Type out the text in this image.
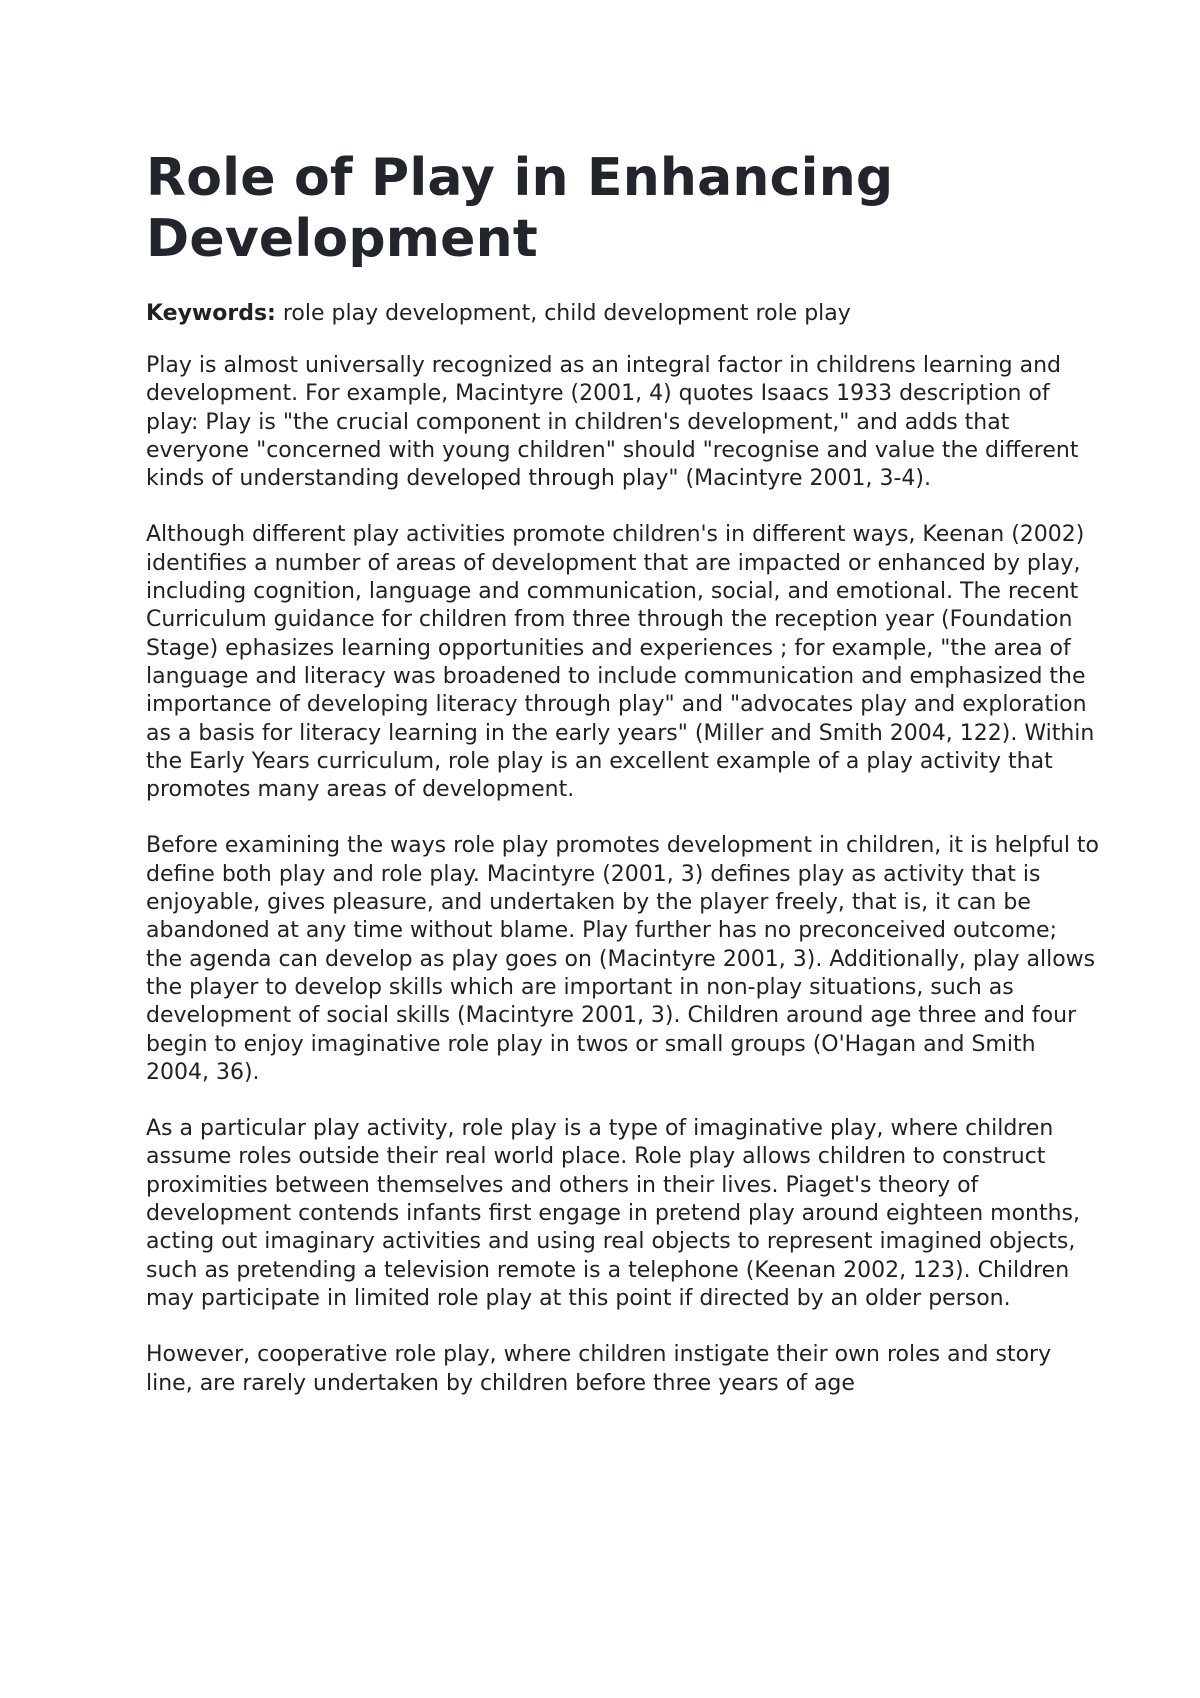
Role of Play in Enhancing Development

Keywords: role play development, child development role play

Play is almost universally recognized as an integral factor in childrens learning and development. For example, Macintyre (2001, 4) quotes Isaacs 1933 description of play: Play is "the crucial component in children's development," and adds that everyone "concerned with young children" should "recognise and value the different kinds of understanding developed through play" (Macintyre 2001, 3-4).

Although different play activities promote children's in different ways, Keenan (2002) identifies a number of areas of development that are impacted or enhanced by play, including cognition, language and communication, social, and emotional. The recent Curriculum guidance for children from three through the reception year (Foundation Stage) ephasizes learning opportunities and experiences ; for example, "the area of language and literacy was broadened to include communication and emphasized the importance of developing literacy through play" and "advocates play and exploration as a basis for literacy learning in the early years" (Miller and Smith 2004, 122). Within the Early Years curriculum, role play is an excellent example of a play activity that promotes many areas of development.

Before examining the ways role play promotes development in children, it is helpful to define both play and role play. Macintyre (2001, 3) defines play as activity that is enjoyable, gives pleasure, and undertaken by the player freely, that is, it can be abandoned at any time without blame. Play further has no preconceived outcome; the agenda can develop as play goes on (Macintyre 2001, 3). Additionally, play allows the player to develop skills which are important in non-play situations, such as development of social skills (Macintyre 2001, 3). Children around age three and four begin to enjoy imaginative role play in twos or small groups (O'Hagan and Smith 2004, 36).

As a particular play activity, role play is a type of imaginative play, where children assume roles outside their real world place. Role play allows children to construct proximities between themselves and others in their lives. Piaget's theory of development contends infants first engage in pretend play around eighteen months, acting out imaginary activities and using real objects to represent imagined objects, such as pretending a television remote is a telephone (Keenan 2002, 123). Children may participate in limited role play at this point if directed by an older person.

However, cooperative role play, where children instigate their own roles and story line, are rarely undertaken by children before three years of age
